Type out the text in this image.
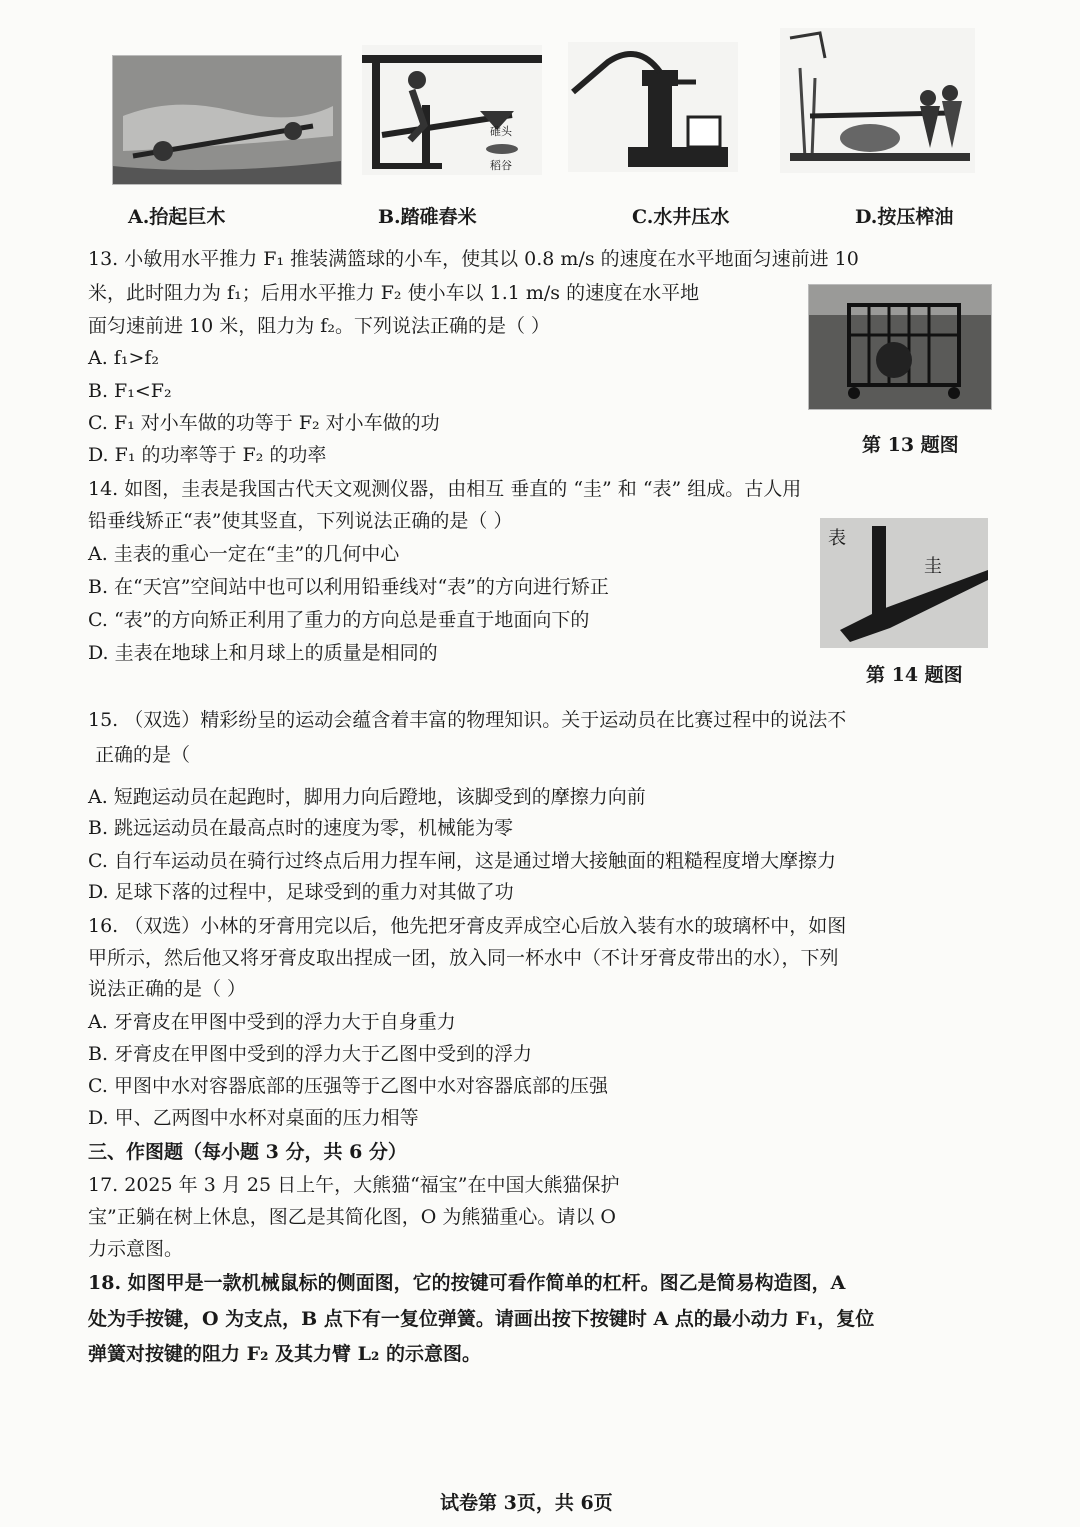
碓头
稻谷
A.抬起巨木	B.踏碓舂米	C.水井压水	D.按压榨油
13. 小敏用水平推力 F₁ 推装满篮球的小车，使其以 0.8 m/s 的速度在水平地面匀速前进 10
米，此时阻力为 f₁；后用水平推力 F₂ 使小车以 1.1 m/s 的速度在水平地
面匀速前进 10 米，阻力为 f₂。下列说法正确的是（ ）
A. f₁>f₂
B. F₁<F₂
C. F₁ 对小车做的功等于 F₂ 对小车做的功
D. F₁ 的功率等于 F₂ 的功率	第 13 题图
14. 如图，圭表是我国古代天文观测仪器，由相互 垂直的 “圭” 和 “表” 组成。古人用
铅垂线矫正“表”使其竖直，下列说法正确的是（ ）
A. 圭表的重心一定在“圭”的几何中心
B. 在“天宫”空间站中也可以利用铅垂线对“表”的方向进行矫正
C. “表”的方向矫正利用了重力的方向总是垂直于地面向下的
D. 圭表在地球上和月球上的质量是相同的
表
圭
第 14 题图
15. （双选）精彩纷呈的运动会蕴含着丰富的物理知识。关于运动员在比赛过程中的说法不
正确的是（
A. 短跑运动员在起跑时，脚用力向后蹬地，该脚受到的摩擦力向前
B. 跳远运动员在最高点时的速度为零，机械能为零
C. 自行车运动员在骑行过终点后用力捏车闸，这是通过增大接触面的粗糙程度增大摩擦力
D. 足球下落的过程中，足球受到的重力对其做了功
16. （双选）小林的牙膏用完以后，他先把牙膏皮弄成空心后放入装有水的玻璃杯中，如图
甲所示，然后他又将牙膏皮取出捏成一团，放入同一杯水中（不计牙膏皮带出的水），下列
说法正确的是（ ）
A. 牙膏皮在甲图中受到的浮力大于自身重力
B. 牙膏皮在甲图中受到的浮力大于乙图中受到的浮力
C. 甲图中水对容器底部的压强等于乙图中水对容器底部的压强
D. 甲、乙两图中水杯对桌面的压力相等
三、作图题（每小题 3 分，共 6 分）
17. 2025 年 3 月 25 日上午，大熊猫“福宝”在中国大熊猫保护
宝”正躺在树上休息，图乙是其简化图，O 为熊猫重心。请以 O
力示意图。
18. 如图甲是一款机械鼠标的侧面图，它的按键可看作简单的杠杆。图乙是简易构造图，A
处为手按键，O 为支点，B 点下有一复位弹簧。请画出按下按键时 A 点的最小动力 F₁，复位
弹簧对按键的阻力 F₂ 及其力臂 L₂ 的示意图。
试卷第 3页，共 6页
